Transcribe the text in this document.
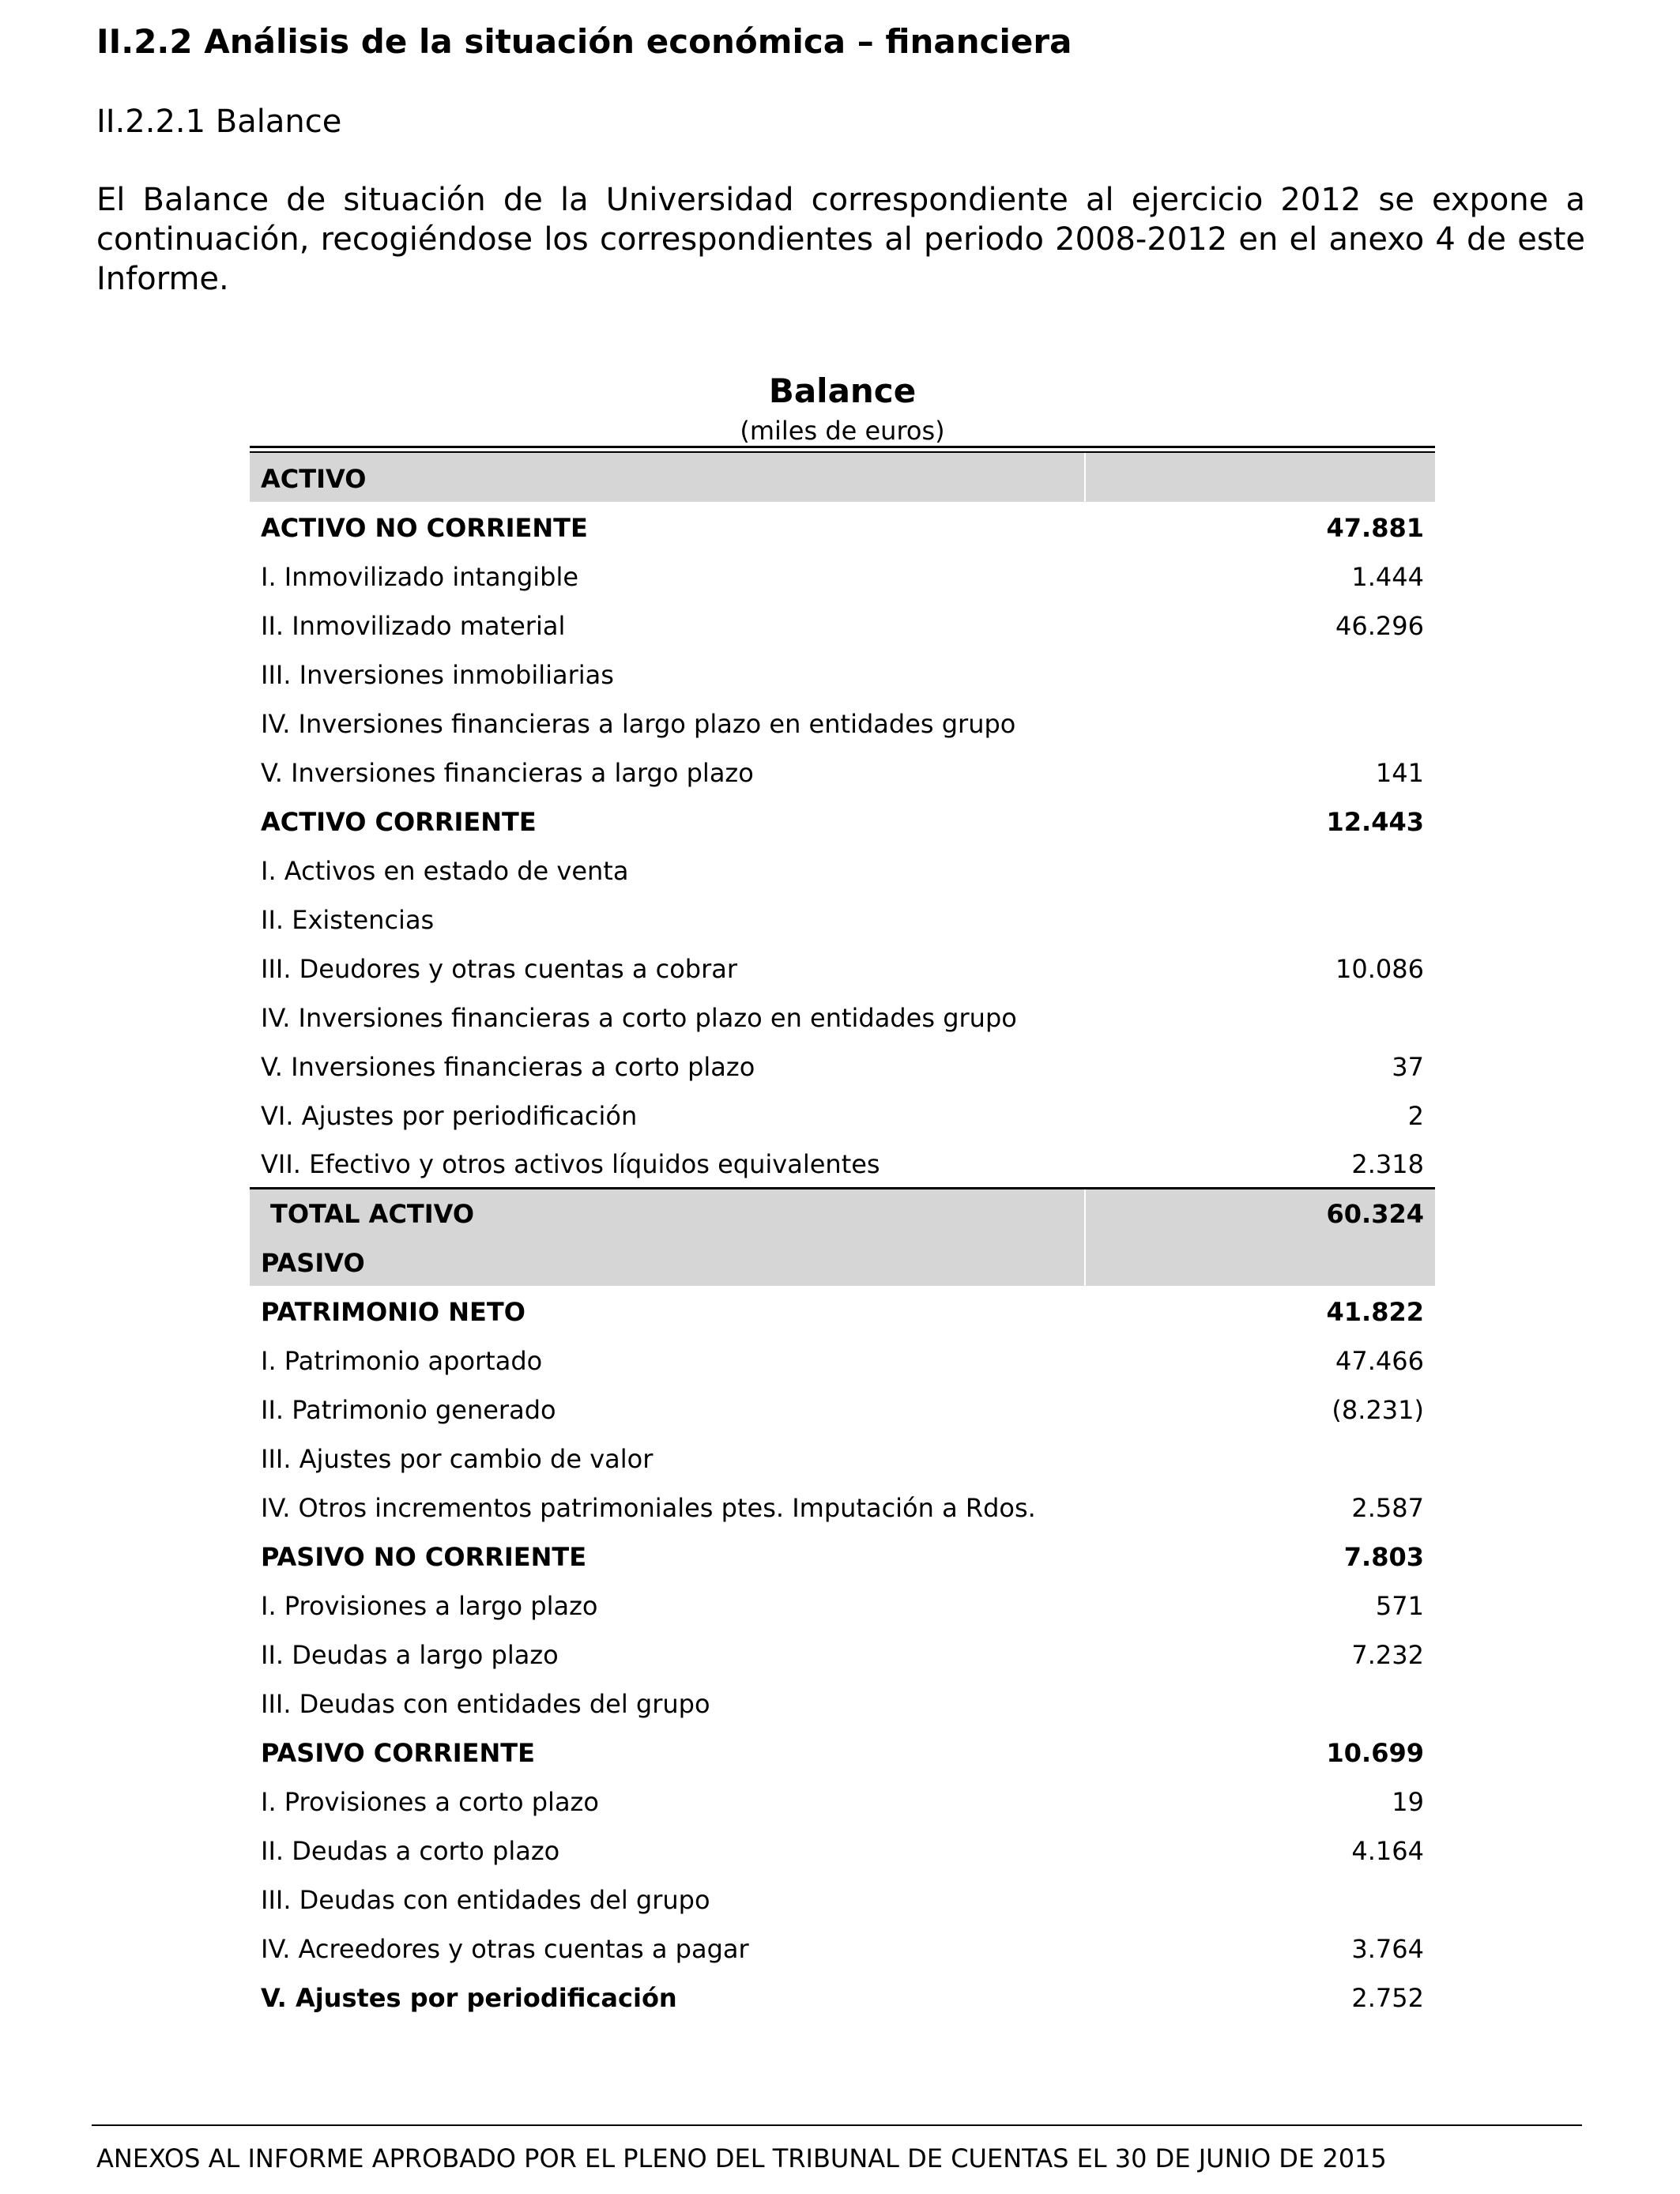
II.2.2 Análisis de la situación económica – financiera
II.2.2.1 Balance

El Balance de situación de la Universidad correspondiente al ejercicio 2012 se expone a continuación, recogiéndose los correspondientes al periodo 2008-2012 en el anexo 4 de este Informe.

Balance
(miles de euros)
ACTIVO	
ACTIVO NO CORRIENTE	47.881
I. Inmovilizado intangible	1.444
II. Inmovilizado material	46.296
III. Inversiones inmobiliarias	
IV. Inversiones financieras a largo plazo en entidades grupo	
V. Inversiones financieras a largo plazo	141
ACTIVO CORRIENTE	12.443
I. Activos en estado de venta	
II. Existencias	
III. Deudores y otras cuentas a cobrar	10.086
IV. Inversiones financieras a corto plazo en entidades grupo	
V. Inversiones financieras a corto plazo	37
VI. Ajustes por periodificación	2
VII. Efectivo y otros activos líquidos equivalentes	2.318
TOTAL ACTIVO	60.324
PASIVO	
PATRIMONIO NETO	41.822
I. Patrimonio aportado	47.466
II. Patrimonio generado	(8.231)
III. Ajustes por cambio de valor	
IV. Otros incrementos patrimoniales ptes. Imputación a Rdos.	2.587
PASIVO NO CORRIENTE	7.803
I. Provisiones a largo plazo	571
II. Deudas a largo plazo	7.232
III. Deudas con entidades del grupo	
PASIVO CORRIENTE	10.699
I. Provisiones a corto plazo	19
II. Deudas a corto plazo	4.164
III. Deudas con entidades del grupo	
IV. Acreedores y otras cuentas a pagar	3.764
V. Ajustes por periodificación	2.752
ANEXOS AL INFORME APROBADO POR EL PLENO DEL TRIBUNAL DE CUENTAS EL 30 DE JUNIO DE 2015
